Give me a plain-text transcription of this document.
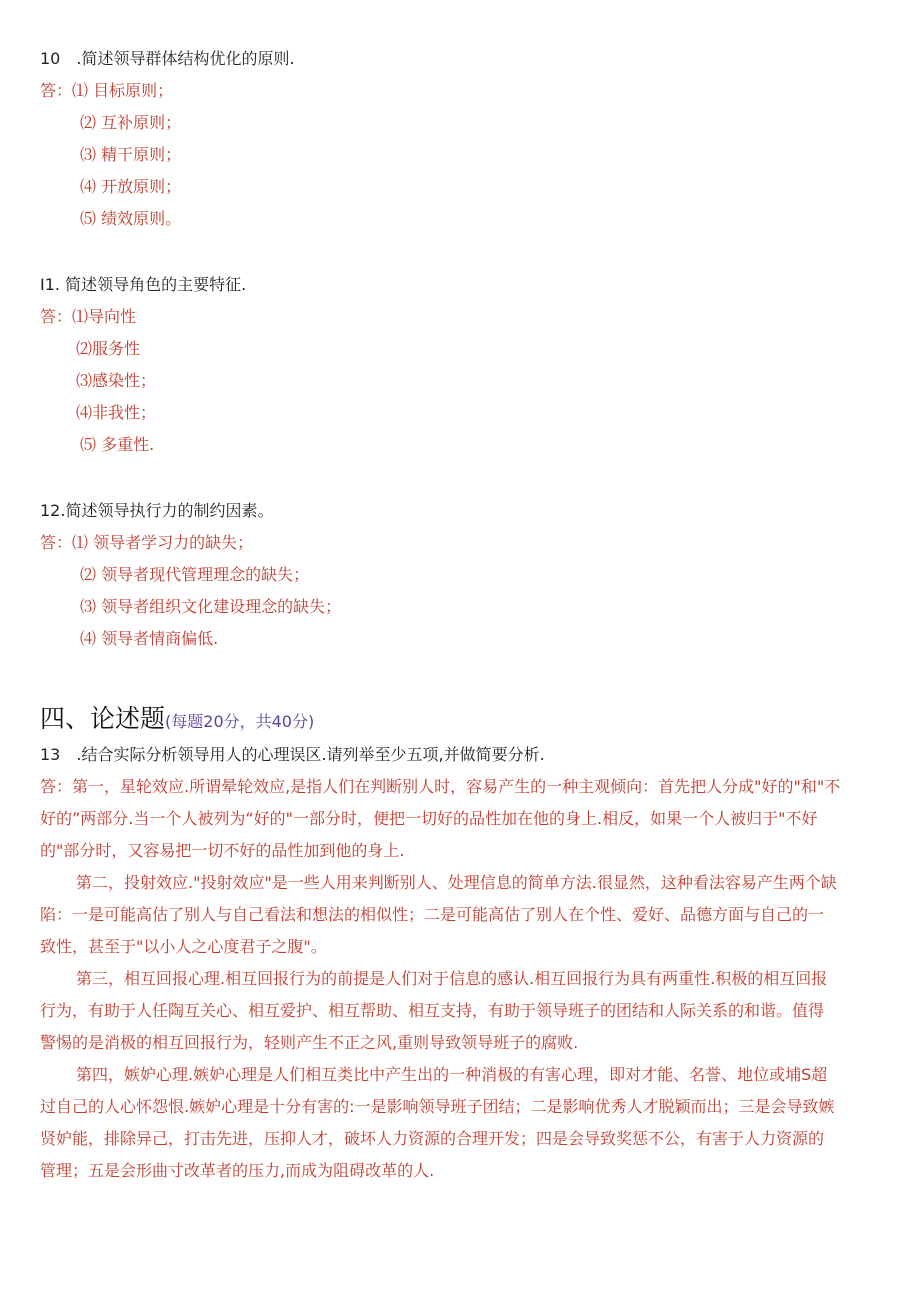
10　.简述领导群体结构优化的原则.
答：⑴ 目标原则；
⑵ 互补原则；
⑶ 精干原则；
⑷ 开放原则；
⑸ 绩效原则。
I1. 简述领导角色的主要特征.
答：⑴导向性
⑵服务性
⑶感染性；
⑷非我性；
⑸ 多重性.
12.简述领导执行力的制约因素。
答：⑴ 领导者学习力的缺失；
⑵ 领导者现代管理理念的缺失；
⑶ 领导者组织文化建设理念的缺失；
⑷ 领导者情商偏低.
四、论述题(每题20分，共40分)
13　.结合实际分析领导用人的心理误区.请列举至少五项,并做简要分析.
答：第一，星轮效应.所谓晕轮效应,是指人们在判断别人时，容易产生的一种主观倾向：首先把人分成"好的"和"不
好的”两部分.当一个人被列为“好的"一部分时，便把一切好的品性加在他的身上.相反，如果一个人被归于"不好
的"部分时，又容易把一切不好的品性加到他的身上.
第二，投射效应."投射效应"是一些人用来判断别人、处理信息的简单方法.很显然，这种看法容易产生两个缺
陷：一是可能高估了别人与自己看法和想法的相似性；二是可能高估了别人在个性、爱好、品德方面与自己的一
致性，甚至于"以小人之心度君子之腹"。
第三，相互回报心理.相互回报行为的前提是人们对于信息的感认.相互回报行为具有两重性.积极的相互回报
行为，有助于人任陶互关心、相互爱护、相互帮助、相互支持，有助于领导班子的团结和人际关系的和谐。值得
警惕的是消极的相互回报行为，轻则产生不正之风,重则导致领导班子的腐败.
第四，嫉妒心理.嫉妒心理是人们相互类比中产生出的一种消极的有害心理，即对才能、名誉、地位或埔S超
过自己的人心怀怨恨.嫉妒心理是十分有害的:一是影响领导班子团结；二是影响优秀人才脱颖而出；三是会导致嫉
贤妒能，排除异己，打击先进，压抑人才，破坏人力资源的合理开发；四是会导致奖惩不公，有害于人力资源的
管理；五是会形曲寸改革者的压力,而成为阻碍改革的人.
